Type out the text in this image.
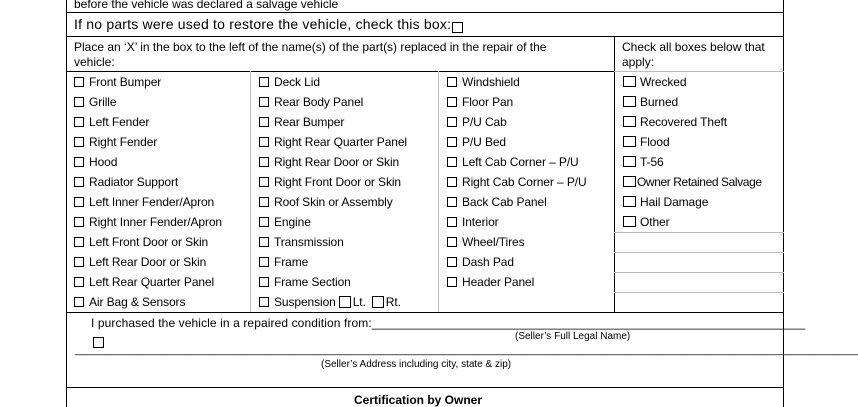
before the vehicle was declared a salvage vehicle
If no parts were used to restore the vehicle, check this box:

Place an ‘X’ in the box to the left of the name(s) of the part(s) replaced in the repair of the
vehicle:
Check all boxes below that
apply:
Front Bumper
Grille
Left Fender
Right Fender
Hood
Radiator Support
Left Inner Fender/Apron
Right Inner Fender/Apron
Left Front Door or Skin
Left Rear Door or Skin
Left Rear Quarter Panel
Air Bag & Sensors
Deck Lid
Rear Body Panel
Rear Bumper
Right Rear Quarter Panel
Right Rear Door or Skin
Right Front Door or Skin
Roof Skin or Assembly
Engine
Transmission
Frame
Frame Section
Suspension Lt. Rt.
Windshield
Floor Pan
P/U Cab
P/U Bed
Left Cab Corner – P/U
Right Cab Corner – P/U
Back Cab Panel
Interior
Wheel/Tires
Dash Pad
Header Panel
Wrecked
Burned
Recovered Theft
Flood
T-56
Owner Retained Salvage
Hail Damage
Other
I purchased the vehicle in a repaired condition from:________________________________________________________________
(Seller’s Full Legal Name)
________________________________________________________________________________________________________________________________
(Seller’s Address including city, state & zip)
Certification by Owner
